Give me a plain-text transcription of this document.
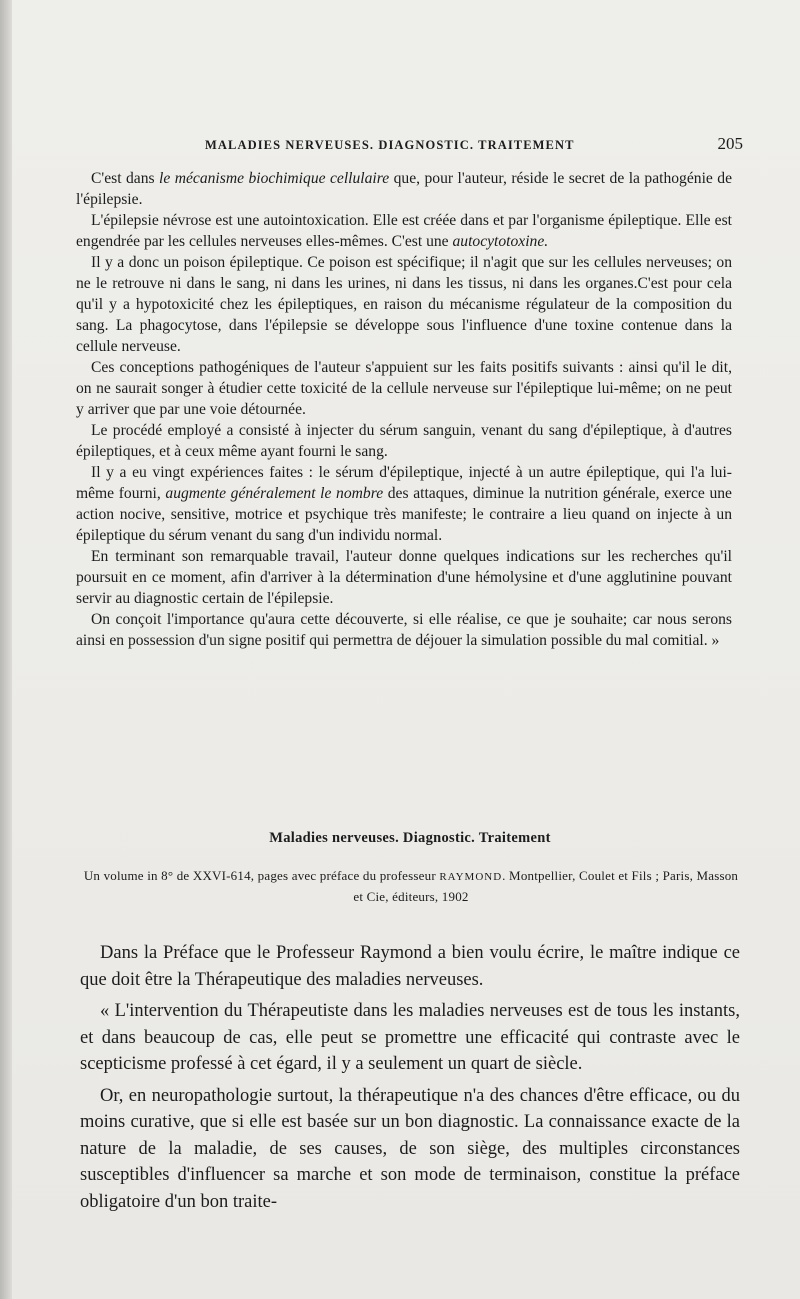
MALADIES NERVEUSES. DIAGNOSTIC. TRAITEMENT	205

C'est dans le mécanisme biochimique cellulaire que, pour l'auteur, réside le secret de la pathogénie de l'épilepsie.

L'épilepsie névrose est une autointoxication. Elle est créée dans et par l'organisme épileptique. Elle est engendrée par les cellules nerveuses elles-mêmes. C'est une autocytotoxine.

Il y a donc un poison épileptique. Ce poison est spécifique; il n'agit que sur les cellules nerveuses; on ne le retrouve ni dans le sang, ni dans les urines, ni dans les tissus, ni dans les organes.C'est pour cela qu'il y a hypotoxicité chez les épileptiques, en raison du mécanisme régulateur de la composition du sang. La phagocytose, dans l'épilepsie se développe sous l'influence d'une toxine contenue dans la cellule nerveuse.

Ces conceptions pathogéniques de l'auteur s'appuient sur les faits positifs suivants : ainsi qu'il le dit, on ne saurait songer à étudier cette toxicité de la cellule nerveuse sur l'épileptique lui-même; on ne peut y arriver que par une voie détournée.

Le procédé employé a consisté à injecter du sérum sanguin, venant du sang d'épileptique, à d'autres épileptiques, et à ceux même ayant fourni le sang.

Il y a eu vingt expériences faites : le sérum d'épileptique, injecté à un autre épileptique, qui l'a lui-même fourni, augmente généralement le nombre des attaques, diminue la nutrition générale, exerce une action nocive, sensitive, motrice et psychique très manifeste; le contraire a lieu quand on injecte à un épileptique du sérum venant du sang d'un individu normal.

En terminant son remarquable travail, l'auteur donne quelques indications sur les recherches qu'il poursuit en ce moment, afin d'arriver à la détermination d'une hémolysine et d'une agglutinine pouvant servir au diagnostic certain de l'épilepsie.

On conçoit l'importance qu'aura cette découverte, si elle réalise, ce que je souhaite; car nous serons ainsi en possession d'un signe positif qui permettra de déjouer la simulation possible du mal comitial. »

Maladies nerveuses. Diagnostic. Traitement
Un volume in 8° de XXVI-614, pages avec préface du professeur RAYMOND. Montpellier, Coulet et Fils ; Paris, Masson et Cie, éditeurs, 1902

Dans la Préface que le Professeur Raymond a bien voulu écrire, le maître indique ce que doit être la Thérapeutique des maladies nerveuses.

« L'intervention du Thérapeutiste dans les maladies nerveuses est de tous les instants, et dans beaucoup de cas, elle peut se promettre une efficacité qui contraste avec le scepticisme professé à cet égard, il y a seulement un quart de siècle.

Or, en neuropathologie surtout, la thérapeutique n'a des chances d'être efficace, ou du moins curative, que si elle est basée sur un bon diagnostic. La connaissance exacte de la nature de la maladie, de ses causes, de son siège, des multiples circonstances susceptibles d'influencer sa marche et son mode de terminaison, constitue la préface obligatoire d'un bon traite-
